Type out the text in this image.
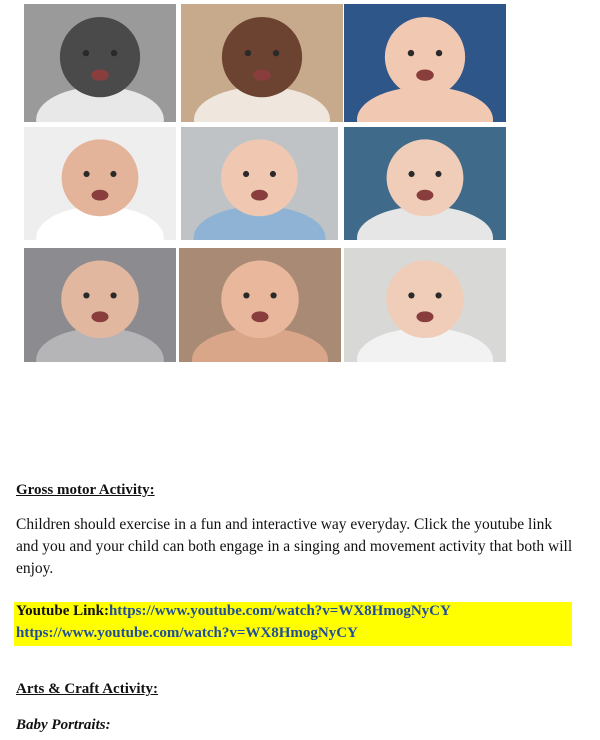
Gross motor Activity:
Children should exercise in a fun and interactive way everyday. Click the youtube link and you and your child can both engage in a singing and movement activity that both will enjoy.
Youtube Link:https://www.youtube.com/watch?v=WX8HmogNyCY
https://www.youtube.com/watch?v=WX8HmogNyCY
Arts & Craft Activity:
Baby Portraits:
